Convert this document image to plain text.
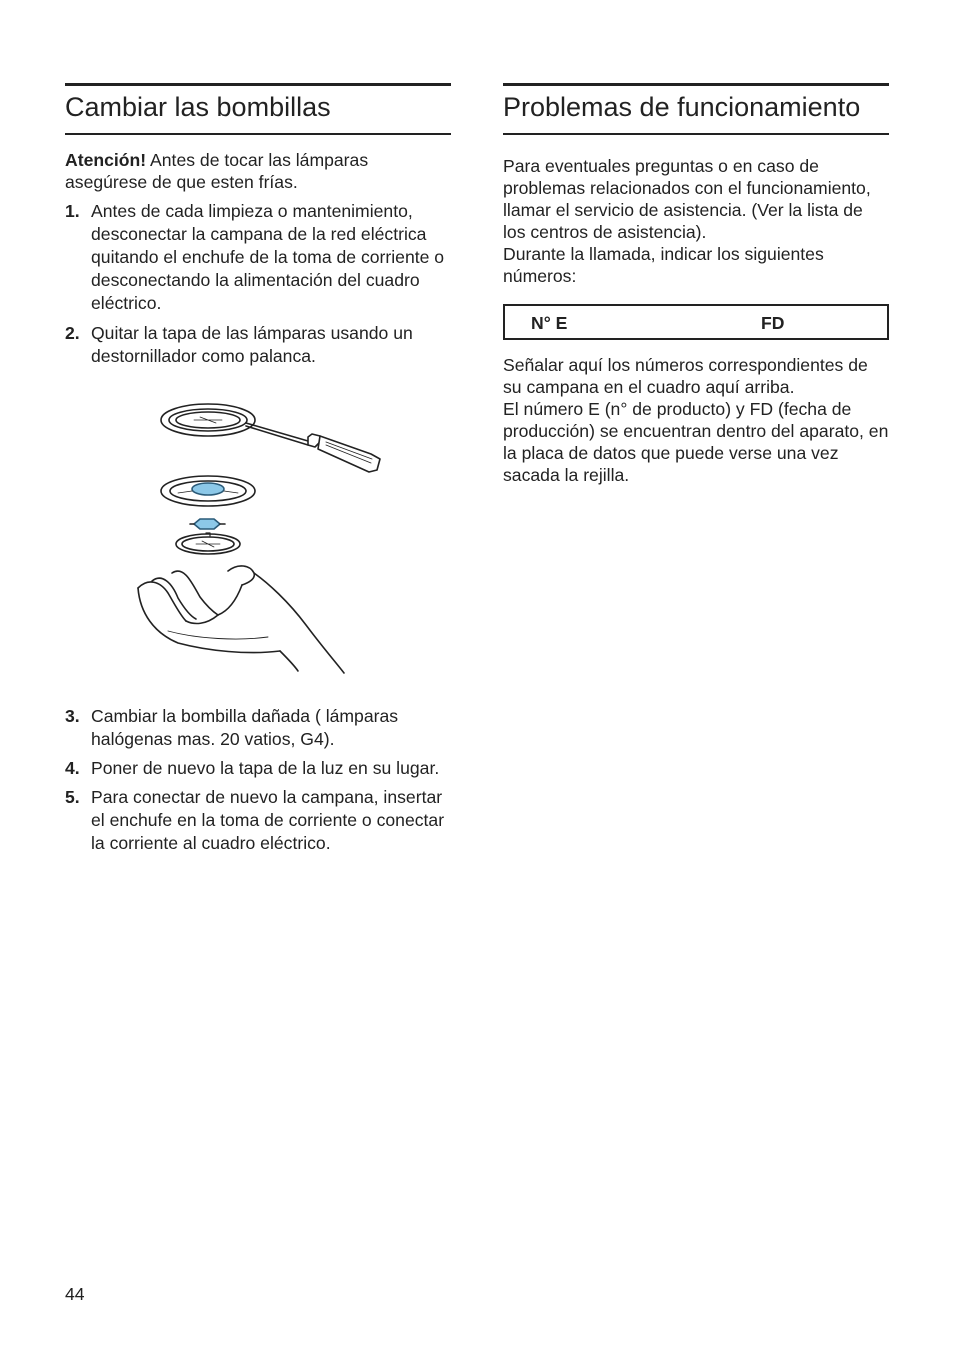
Cambiar las bombillas

Atención! Antes de tocar las lámparas asegúrese de que esten frías.

1. Antes de cada limpieza o mantenimiento, desconectar la campana de la red eléctrica quitando el enchufe de la toma de corriente o desconectando la alimentación del cuadro eléctrico.
2. Quitar la tapa de las lámparas usando un destornillador como palanca.
3. Cambiar la bombilla dañada ( lámparas halógenas mas. 20 vatios, G4).
4. Poner de nuevo la tapa de la luz en su lugar.
5. Para conectar de nuevo la campana, insertar el enchufe en la toma de corriente o conectar la corriente al cuadro eléctrico.
Problemas de funcionamiento

Para eventuales preguntas o en caso de problemas relacionados con el funcionamiento, llamar el servicio de asistencia. (Ver la lista de los centros de asistencia).

Durante la llamada, indicar los siguientes números:

N° E	FD

Señalar aquí los números correspondientes de su campana en el cuadro aquí arriba.

El número E (n° de producto) y FD (fecha de producción) se encuentran dentro del aparato, en la placa de datos que puede verse una vez sacada la rejilla.

44
